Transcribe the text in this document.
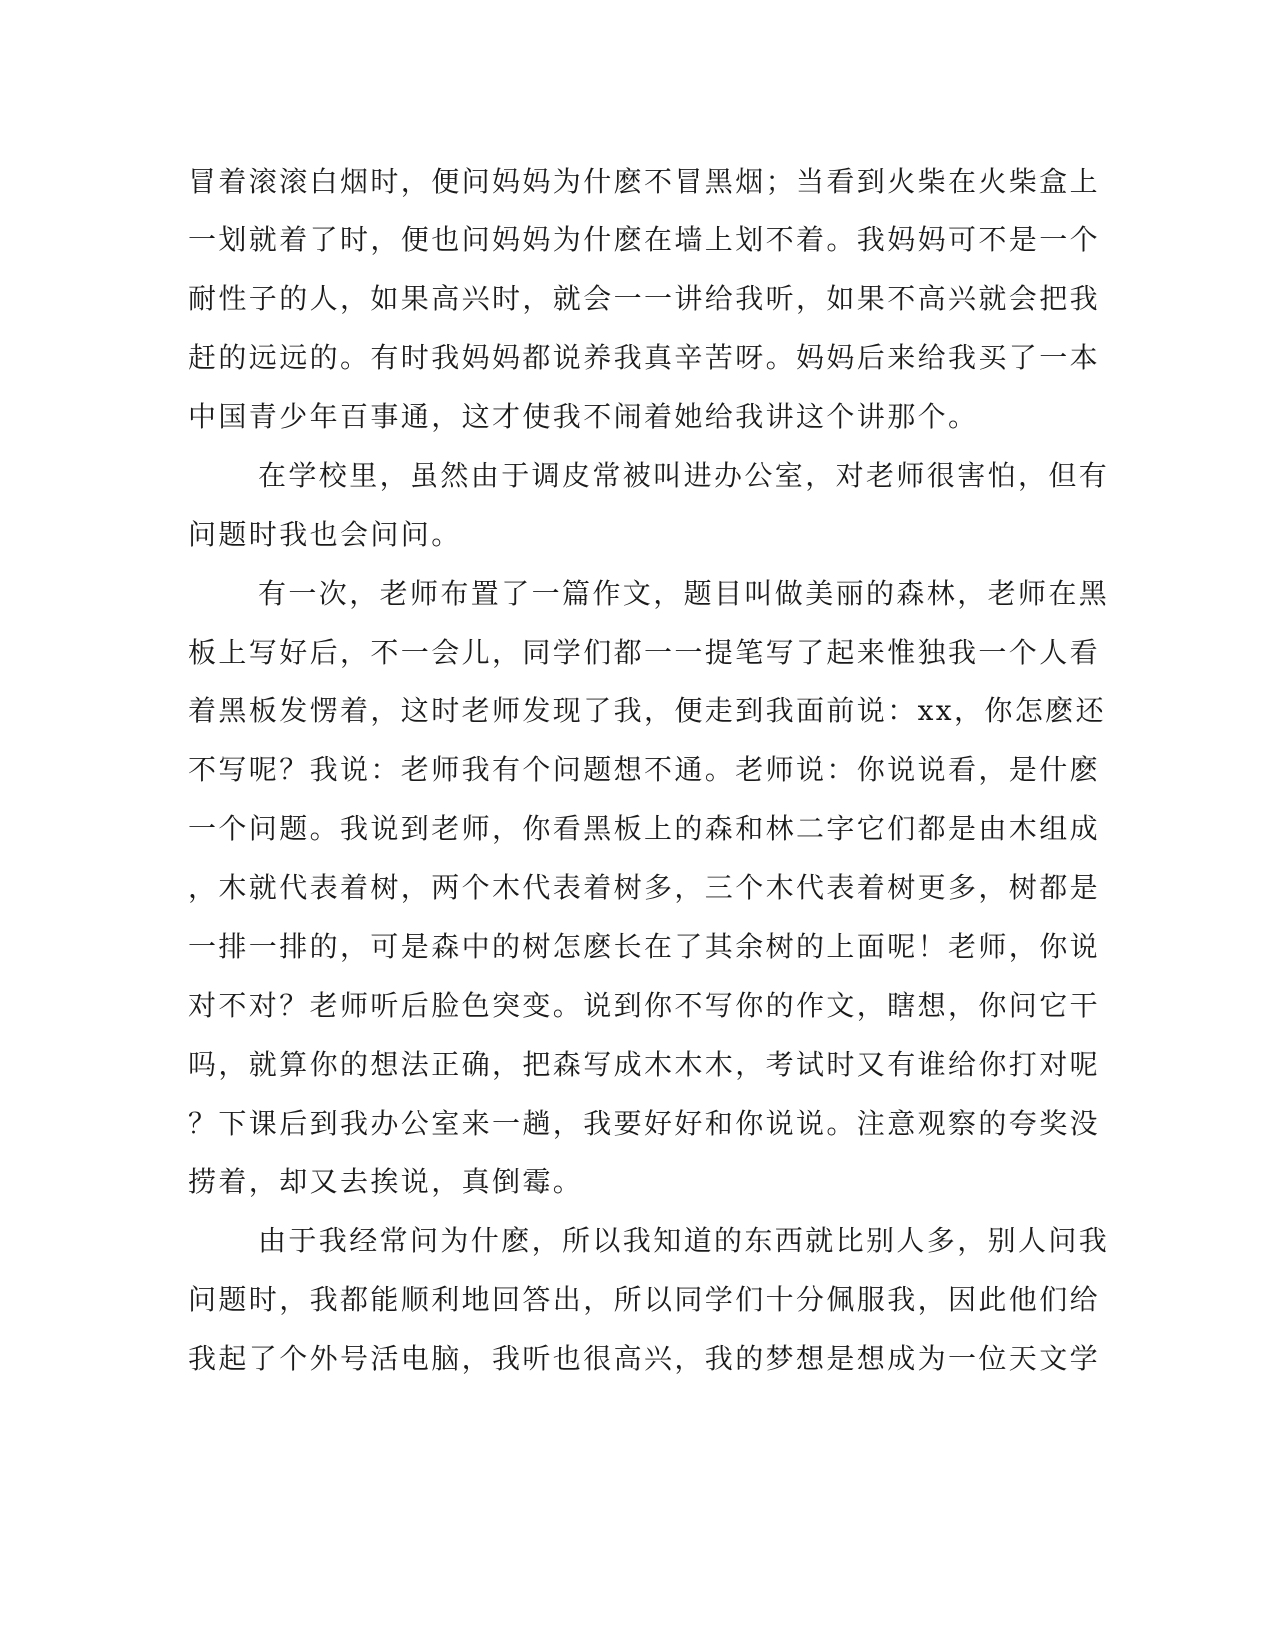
冒着滚滚白烟时，便问妈妈为什麽不冒黑烟；当看到火柴在火柴盒上
一划就着了时，便也问妈妈为什麽在墙上划不着。我妈妈可不是一个
耐性子的人，如果高兴时，就会一一讲给我听，如果不高兴就会把我
赶的远远的。有时我妈妈都说养我真辛苦呀。妈妈后来给我买了一本
中国青少年百事通，这才使我不闹着她给我讲这个讲那个。
在学校里，虽然由于调皮常被叫进办公室，对老师很害怕，但有
问题时我也会问问。
有一次，老师布置了一篇作文，题目叫做美丽的森林，老师在黑
板上写好后，不一会儿，同学们都一一提笔写了起来惟独我一个人看
着黑板发愣着，这时老师发现了我，便走到我面前说：xx，你怎麽还
不写呢？我说：老师我有个问题想不通。老师说：你说说看，是什麽
一个问题。我说到老师，你看黑板上的森和林二字它们都是由木组成
，木就代表着树，两个木代表着树多，三个木代表着树更多，树都是
一排一排的，可是森中的树怎麽长在了其余树的上面呢！老师，你说
对不对？老师听后脸色突变。说到你不写你的作文，瞎想，你问它干
吗，就算你的想法正确，把森写成木木木，考试时又有谁给你打对呢
？下课后到我办公室来一趟，我要好好和你说说。注意观察的夸奖没
捞着，却又去挨说，真倒霉。
由于我经常问为什麽，所以我知道的东西就比别人多，别人问我
问题时，我都能顺利地回答出，所以同学们十分佩服我，因此他们给
我起了个外号活电脑，我听也很高兴，我的梦想是想成为一位天文学
